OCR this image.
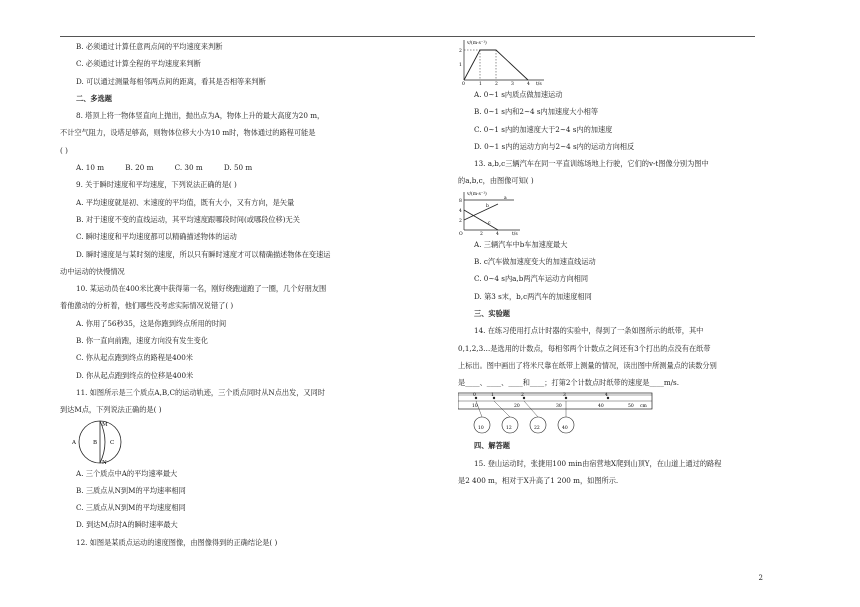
B. 必须通过计算任意两点间的平均速度来判断
C. 必须通过计算全程的平均速度来判断
D. 可以通过测量每相邻两点间的距离，看其是否相等来判断
二、多选题
8. 塔顶上将一物体竖直向上抛出，抛出点为A，物体上升的最大高度为20 m，
不计空气阻力，设塔足够高，则物体位移大小为10 m时，物体通过的路程可能是
( )
A. 10 m	B. 20 m	C. 30 m	D. 50 m
9. 关于瞬时速度和平均速度，下列说法正确的是( )
A. 平均速度就是初、末速度的平均值，既有大小，又有方向，是矢量
B. 对于速度不变的直线运动，其平均速度跟哪段时间(或哪段位移)无关
C. 瞬时速度和平均速度都可以精确描述物体的运动
D. 瞬时速度是与某时刻的速度，所以只有瞬时速度才可以精确描述物体在变速运
动中运动的快慢情况
10. 某运动员在400米比赛中获得第一名，刚好绕跑道跑了一圈，几个好朋友围
着他激动的分析着，他们哪些没考虑实际情况说错了( )
A. 你用了56秒35，这是你跑到终点所用的时间
B. 你一直向前跑，速度方向没有发生变化
C. 你从起点跑到终点的路程是400米
D. 你从起点跑到终点的位移是400米
11. 如图所示是三个质点A,B,C的运动轨迹，三个质点同时从N点出发，又同时
到达M点，下列说法正确的是( )
M
A	B C
N
A. 三个质点中A的平均速率最大
B. 三质点从N到M的平均速率相同
C. 三质点从N到M的平均速度相同
D. 到达M点时A的瞬时速率最大
12. 如图是某质点运动的速度图像，由图像得到的正确结论是( )
v/(m·s⁻¹)
t/s
2
1
0	1	2	3	4
A. 0~1 s内质点做加速运动
B. 0~1 s内和2~4 s内加速度大小相等
C. 0~1 s内的加速度大于2~4 s内的加速度
D. 0~1 s内的运动方向与2~4 s内的运动方向相反
13. a,b,c三辆汽车在同一平直训练场地上行驶，它们的v-t图像分别为图中
的a,b,c，由图像可知( )
v/(m·s⁻¹)
t/s
8
4
2
O	2	4
a
b
c
A. 三辆汽车中b车加速度最大
B. c汽车做加速度变大的加速直线运动
C. 0~4 s内a,b两汽车运动方向相同
D. 第3 s末，b,c两汽车的加速度相同
三、实验题
14. 在练习使用打点计时器的实验中，得到了一条如图所示的纸带，其中
0,1,2,3…是选用的计数点，每相邻两个计数点之间还有3个打出的点没有在纸带
上标出。图中画出了将米尺靠在纸带上测量的情况，读出图中所测量点的读数分别
是____、____、____和____；打第2个计数点时纸带的速度是____m/s.
0	1	2	3	4
10	20	30	40	50 cm
10	12	22	40
四、解答题
15. 登山运动时，张捷用100 min由宿营地X爬到山顶Y，在山道上通过的路程
是2 400 m，相对于X升高了1 200 m，如图所示.
2
